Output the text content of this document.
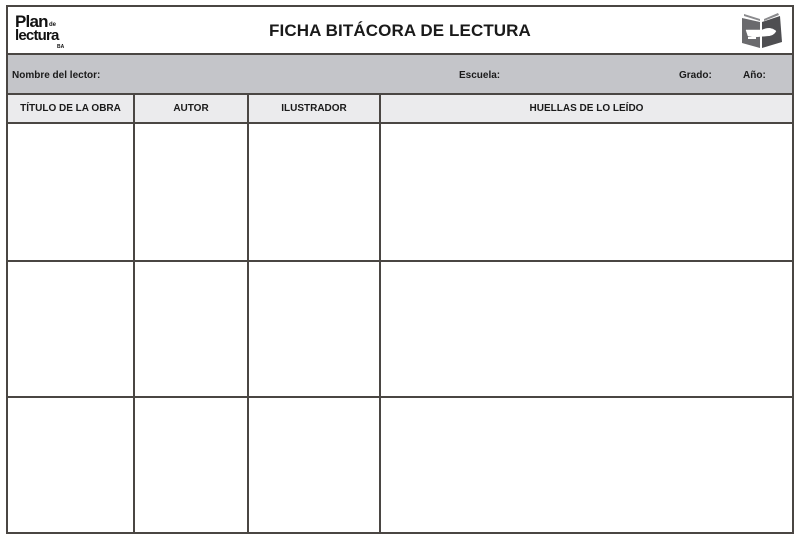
Plan de
lectura
BA
FICHA BITÁCORA DE LECTURA
Nombre del lector:	Escuela:	Grado:	Año:
TÍTULO DE LA OBRA	AUTOR	ILUSTRADOR	HUELLAS DE LO LEÍDO
